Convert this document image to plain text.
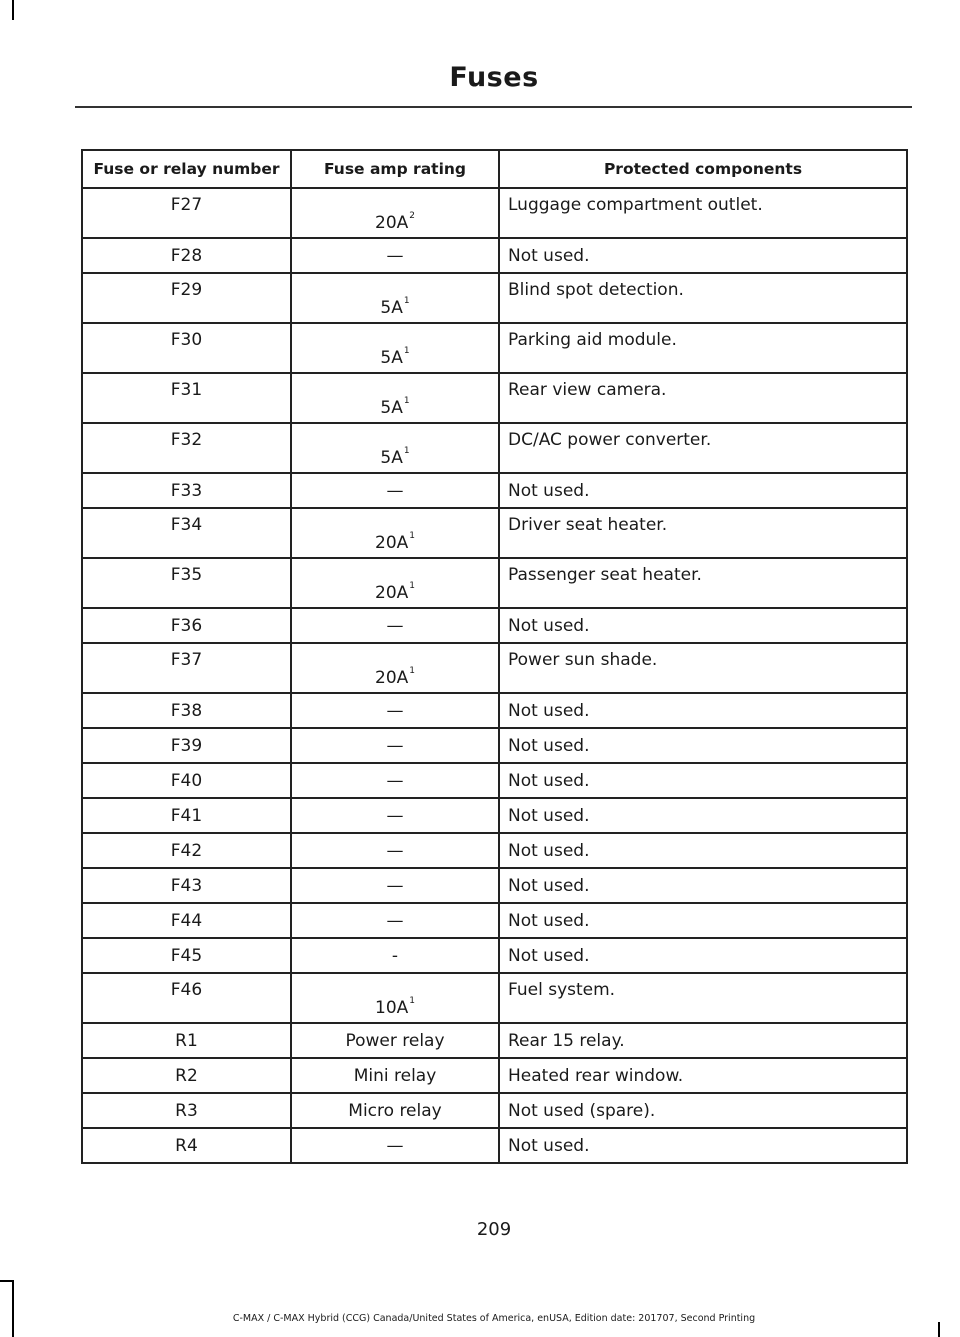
Fuses
Fuse or relay number	Fuse amp rating	Protected components
F27	20A$^2$	Luggage compartment outlet.
F28	—	Not used.
F29	5A$^1$	Blind spot detection.
F30	5A$^1$	Parking aid module.
F31	5A$^1$	Rear view camera.
F32	5A$^1$	DC/AC power converter.
F33	—	Not used.
F34	20A$^1$	Driver seat heater.
F35	20A$^1$	Passenger seat heater.
F36	—	Not used.
F37	20A$^1$	Power sun shade.
F38	—	Not used.
F39	—	Not used.
F40	—	Not used.
F41	—	Not used.
F42	—	Not used.
F43	—	Not used.
F44	—	Not used.
F45	-	Not used.
F46	10A$^1$	Fuel system.
R1	Power relay	Rear 15 relay.
R2	Mini relay	Heated rear window.
R3	Micro relay	Not used (spare).
R4	—	Not used.
209
C-MAX / C-MAX Hybrid (CCG) Canada/United States of America, enUSA, Edition date: 201707, Second Printing
